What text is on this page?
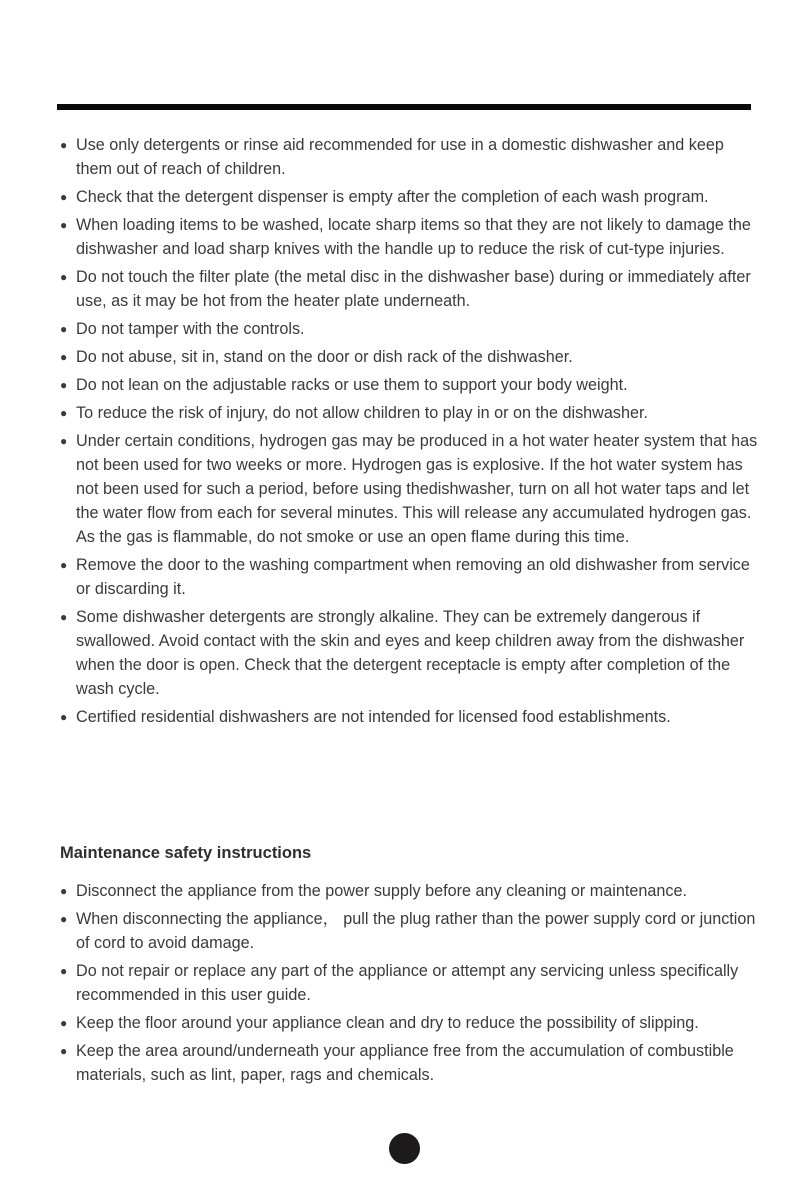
● Use only detergents or rinse aid recommended for use in a domestic dishwasher and keep them out of reach of children.
● Check that the detergent dispenser is empty after the completion of each wash program.
● When loading items to be washed, locate sharp items so that they are not likely to damage the dishwasher and load sharp knives with the handle up to reduce the risk of cut-type injuries.
● Do not touch the filter plate (the metal disc in the dishwasher base) during or immediately after use, as it may be hot from the heater plate underneath.
● Do not tamper with the controls.
● Do not abuse, sit in, stand on the door or dish rack of the dishwasher.
● Do not lean on the adjustable racks or use them to support your body weight.
● To reduce the risk of injury, do not allow children to play in or on the dishwasher.
● Under certain conditions, hydrogen gas may be produced in a hot water heater system that has not been used for two weeks or more. Hydrogen gas is explosive. If the hot water system has not been used for such a period, before using thedishwasher, turn on all hot water taps and let the water flow from each for several minutes. This will release any accumulated hydrogen gas. As the gas is flammable, do not smoke or use an open flame during this time.
● Remove the door to the washing compartment when removing an old dishwasher from service or discarding it.
● Some dishwasher detergents are strongly alkaline. They can be extremely dangerous if swallowed. Avoid contact with the skin and eyes and keep children away from the dishwasher when the door is open. Check that the detergent receptacle is empty after completion of the wash cycle.
● Certified residential dishwashers are not intended for licensed food establishments.
Maintenance safety instructions
● Disconnect the appliance from the power supply before any cleaning or maintenance.
● When disconnecting the appliance， pull the plug rather than the power supply cord or junction of cord to avoid damage.
● Do not repair or replace any part of the appliance or attempt any servicing unless specifically recommended in this user guide.
● Keep the floor around your appliance clean and dry to reduce the possibility of slipping.
● Keep the area around/underneath your appliance free from the accumulation of combustible materials, such as lint, paper, rags and chemicals.
